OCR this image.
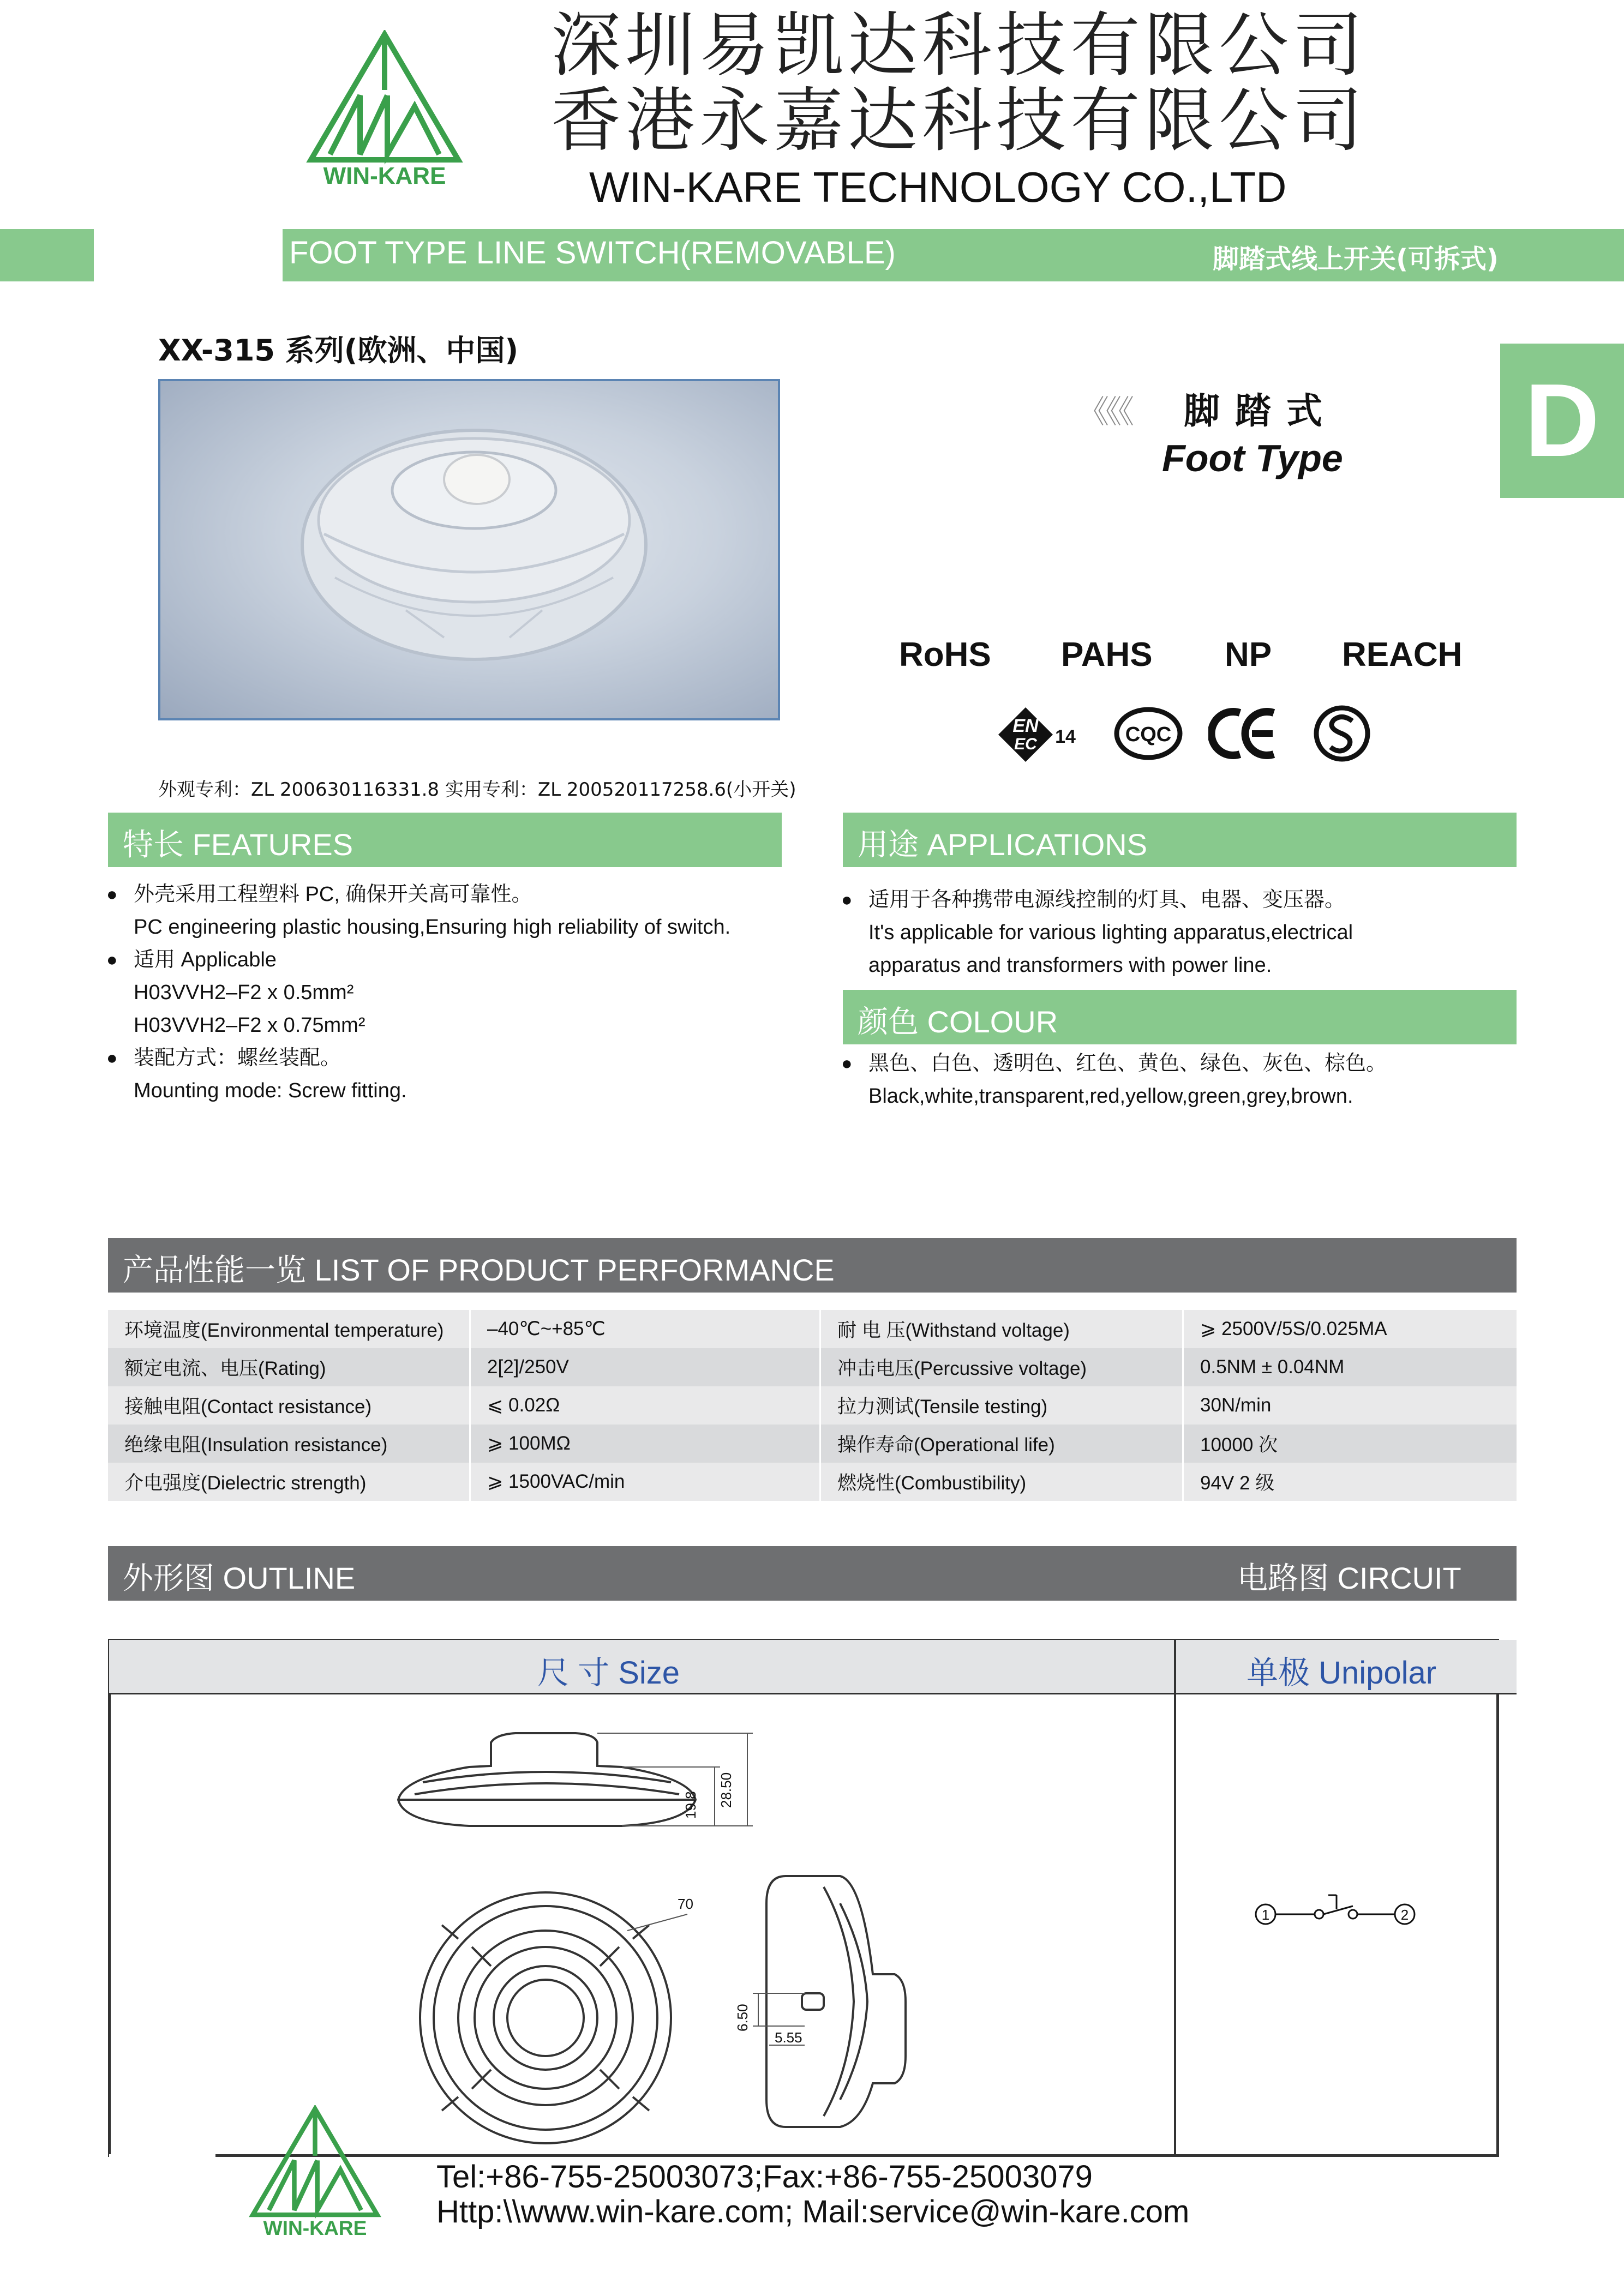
WIN-KARE
深圳易凯达科技有限公司
香港永嘉达科技有限公司
WIN-KARE TECHNOLOGY CO.,LTD
FOOT TYPE LINE SWITCH(REMOVABLE)	脚踏式线上开关(可拆式)
XX-315 系列(欧洲、中国)
外观专利：ZL 200630116331.8 实用专利：ZL 200520117258.6(小开关)
D
《《《 脚踏式
Foot Type
RoHS PAHS NP REACH
EN
EC 14 CQC
特长 FEATURES
● 外壳采用工程塑料 PC, 确保开关高可靠性。
PC engineering plastic housing,Ensuring high reliability of switch.
● 适用 Applicable
H03VVH2–F2 x 0.5mm²
H03VVH2–F2 x 0.75mm²
● 装配方式：螺丝装配。
Mounting mode: Screw fitting.
用途 APPLICATIONS
● 适用于各种携带电源线控制的灯具、电器、变压器。
It's applicable for various lighting apparatus,electrical
apparatus and transformers with power line.
颜色 COLOUR
● 黑色、白色、透明色、红色、黄色、绿色、灰色、棕色。
Black,white,transparent,red,yellow,green,grey,brown.
产品性能一览 LIST OF PRODUCT PERFORMANCE
环境温度(Environmental temperature)	–40℃~+85℃	耐 电 压(Withstand voltage)	⩾ 2500V/5S/0.025MA
额定电流、电压(Rating)	2[2]/250V	冲击电压(Percussive voltage)	0.5NM ± 0.04NM
接触电阻(Contact resistance)	⩽ 0.02Ω	拉力测试(Tensile testing)	30N/min
绝缘电阻(Insulation resistance)	⩾ 100MΩ	操作寿命(Operational life)	10000 次
介电强度(Dielectric strength)	⩾ 1500VAC/min	燃烧性(Combustibility)	94V 2 级
外形图 OUTLINE	电路图 CIRCUIT
尺 寸 Size	单极 Unipolar
19.8 28.50
70
6.50
5.55
1	2
WIN-KARE
Tel:+86-755-25003073;Fax:+86-755-25003079
Http:\\www.win-kare.com; Mail:service@win-kare.com
